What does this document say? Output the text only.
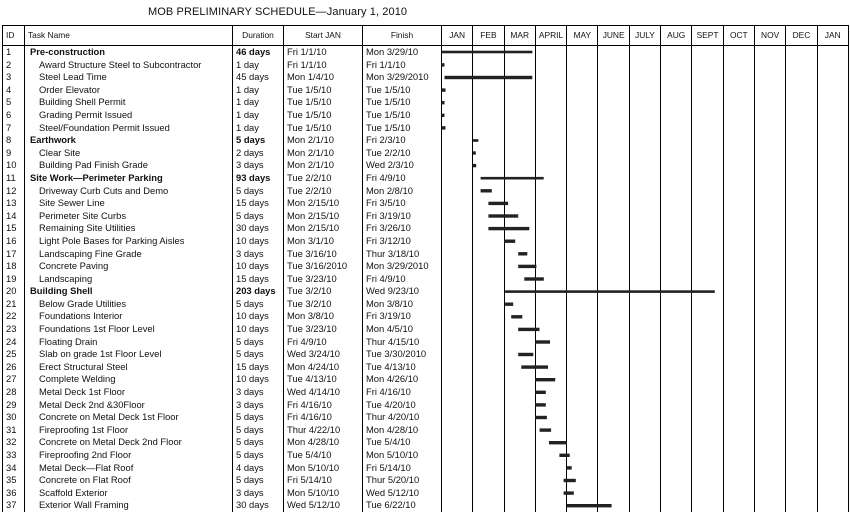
MOB PRELIMINARY SCHEDULE—January 1, 2010
ID	Task Name	Duration	Start JAN	Finish	JAN	FEB	MAR	APRIL	MAY	JUNE	JULY	AUG	SEPT	OCT	NOV	DEC	JAN
1	Pre-construction	46 days	Fri 1/1/10	Mon 3/29/10													
2	Award Structure Steel to Subcontractor	1 day	Fri 1/1/10	Fri 1/1/10													
3	Steel Lead Time	45 days	Mon 1/4/10	Mon 3/29/2010													
4	Order Elevator	1 day	Tue 1/5/10	Tue 1/5/10													
5	Building Shell Permit	1 day	Tue 1/5/10	Tue 1/5/10													
6	Grading Permit Issued	1 day	Tue 1/5/10	Tue 1/5/10													
7	Steel/Foundation Permit Issued	1 day	Tue 1/5/10	Tue 1/5/10													
8	Earthwork	5 days	Mon 2/1/10	Fri 2/3/10													
9	Clear Site	2 days	Mon 2/1/10	Tue 2/2/10													
10	Building Pad Finish Grade	3 days	Mon 2/1/10	Wed 2/3/10													
11	Site Work—Perimeter Parking	93 days	Tue 2/2/10	Fri 4/9/10													
12	Driveway Curb Cuts and Demo	5 days	Tue 2/2/10	Mon 2/8/10													
13	Site Sewer Line	15 days	Mon 2/15/10	Fri 3/5/10													
14	Perimeter Site Curbs	5 days	Mon 2/15/10	Fri 3/19/10													
15	Remaining Site Utilities	30 days	Mon 2/15/10	Fri 3/26/10													
16	Light Pole Bases for Parking Aisles	10 days	Mon 3/1/10	Fri 3/12/10													
17	Landscaping Fine Grade	3 days	Tue 3/16/10	Thur 3/18/10													
18	Concrete Paving	10 days	Tue 3/16/2010	Mon 3/29/2010													
19	Landscaping	15 days	Tue 3/23/10	Fri 4/9/10													
20	Building Shell	203 days	Tue 3/2/10	Wed 9/23/10													
21	Below Grade Utilities	5 days	Tue 3/2/10	Mon 3/8/10													
22	Foundations Interior	10 days	Mon 3/8/10	Fri 3/19/10													
23	Foundations 1st Floor Level	10 days	Tue 3/23/10	Mon 4/5/10													
24	Floating Drain	5 days	Fri 4/9/10	Thur 4/15/10													
25	Slab on grade 1st Floor Level	5 days	Wed 3/24/10	Tue 3/30/2010													
26	Erect Structural Steel	15 days	Mon 4/24/10	Tue 4/13/10													
27	Complete Welding	10 days	Tue 4/13/10	Mon 4/26/10													
28	Metal Deck 1st Floor	3 days	Wed 4/14/10	Fri 4/16/10													
29	Metal Deck 2nd &30Floor	3 days	Fri 4/16/10	Tue 4/20/10													
30	Concrete on Metal Deck 1st Floor	5 days	Fri 4/16/10	Thur 4/20/10													
31	Fireproofing 1st Floor	5 days	Thur 4/22/10	Mon 4/28/10													
32	Concrete on Metal Deck 2nd Floor	5 days	Mon 4/28/10	Tue 5/4/10													
33	Fireproofing 2nd Floor	5 days	Tue 5/4/10	Mon 5/10/10													
34	Metal Deck—Flat Roof	4 days	Mon 5/10/10	Fri 5/14/10													
35	Concrete on Flat Roof	5 days	Fri 5/14/10	Thur 5/20/10													
36	Scaffold Exterior	3 days	Mon 5/10/10	Wed 5/12/10													
37	Exterior Wall Framing	30 days	Wed 5/12/10	Tue 6/22/10													
